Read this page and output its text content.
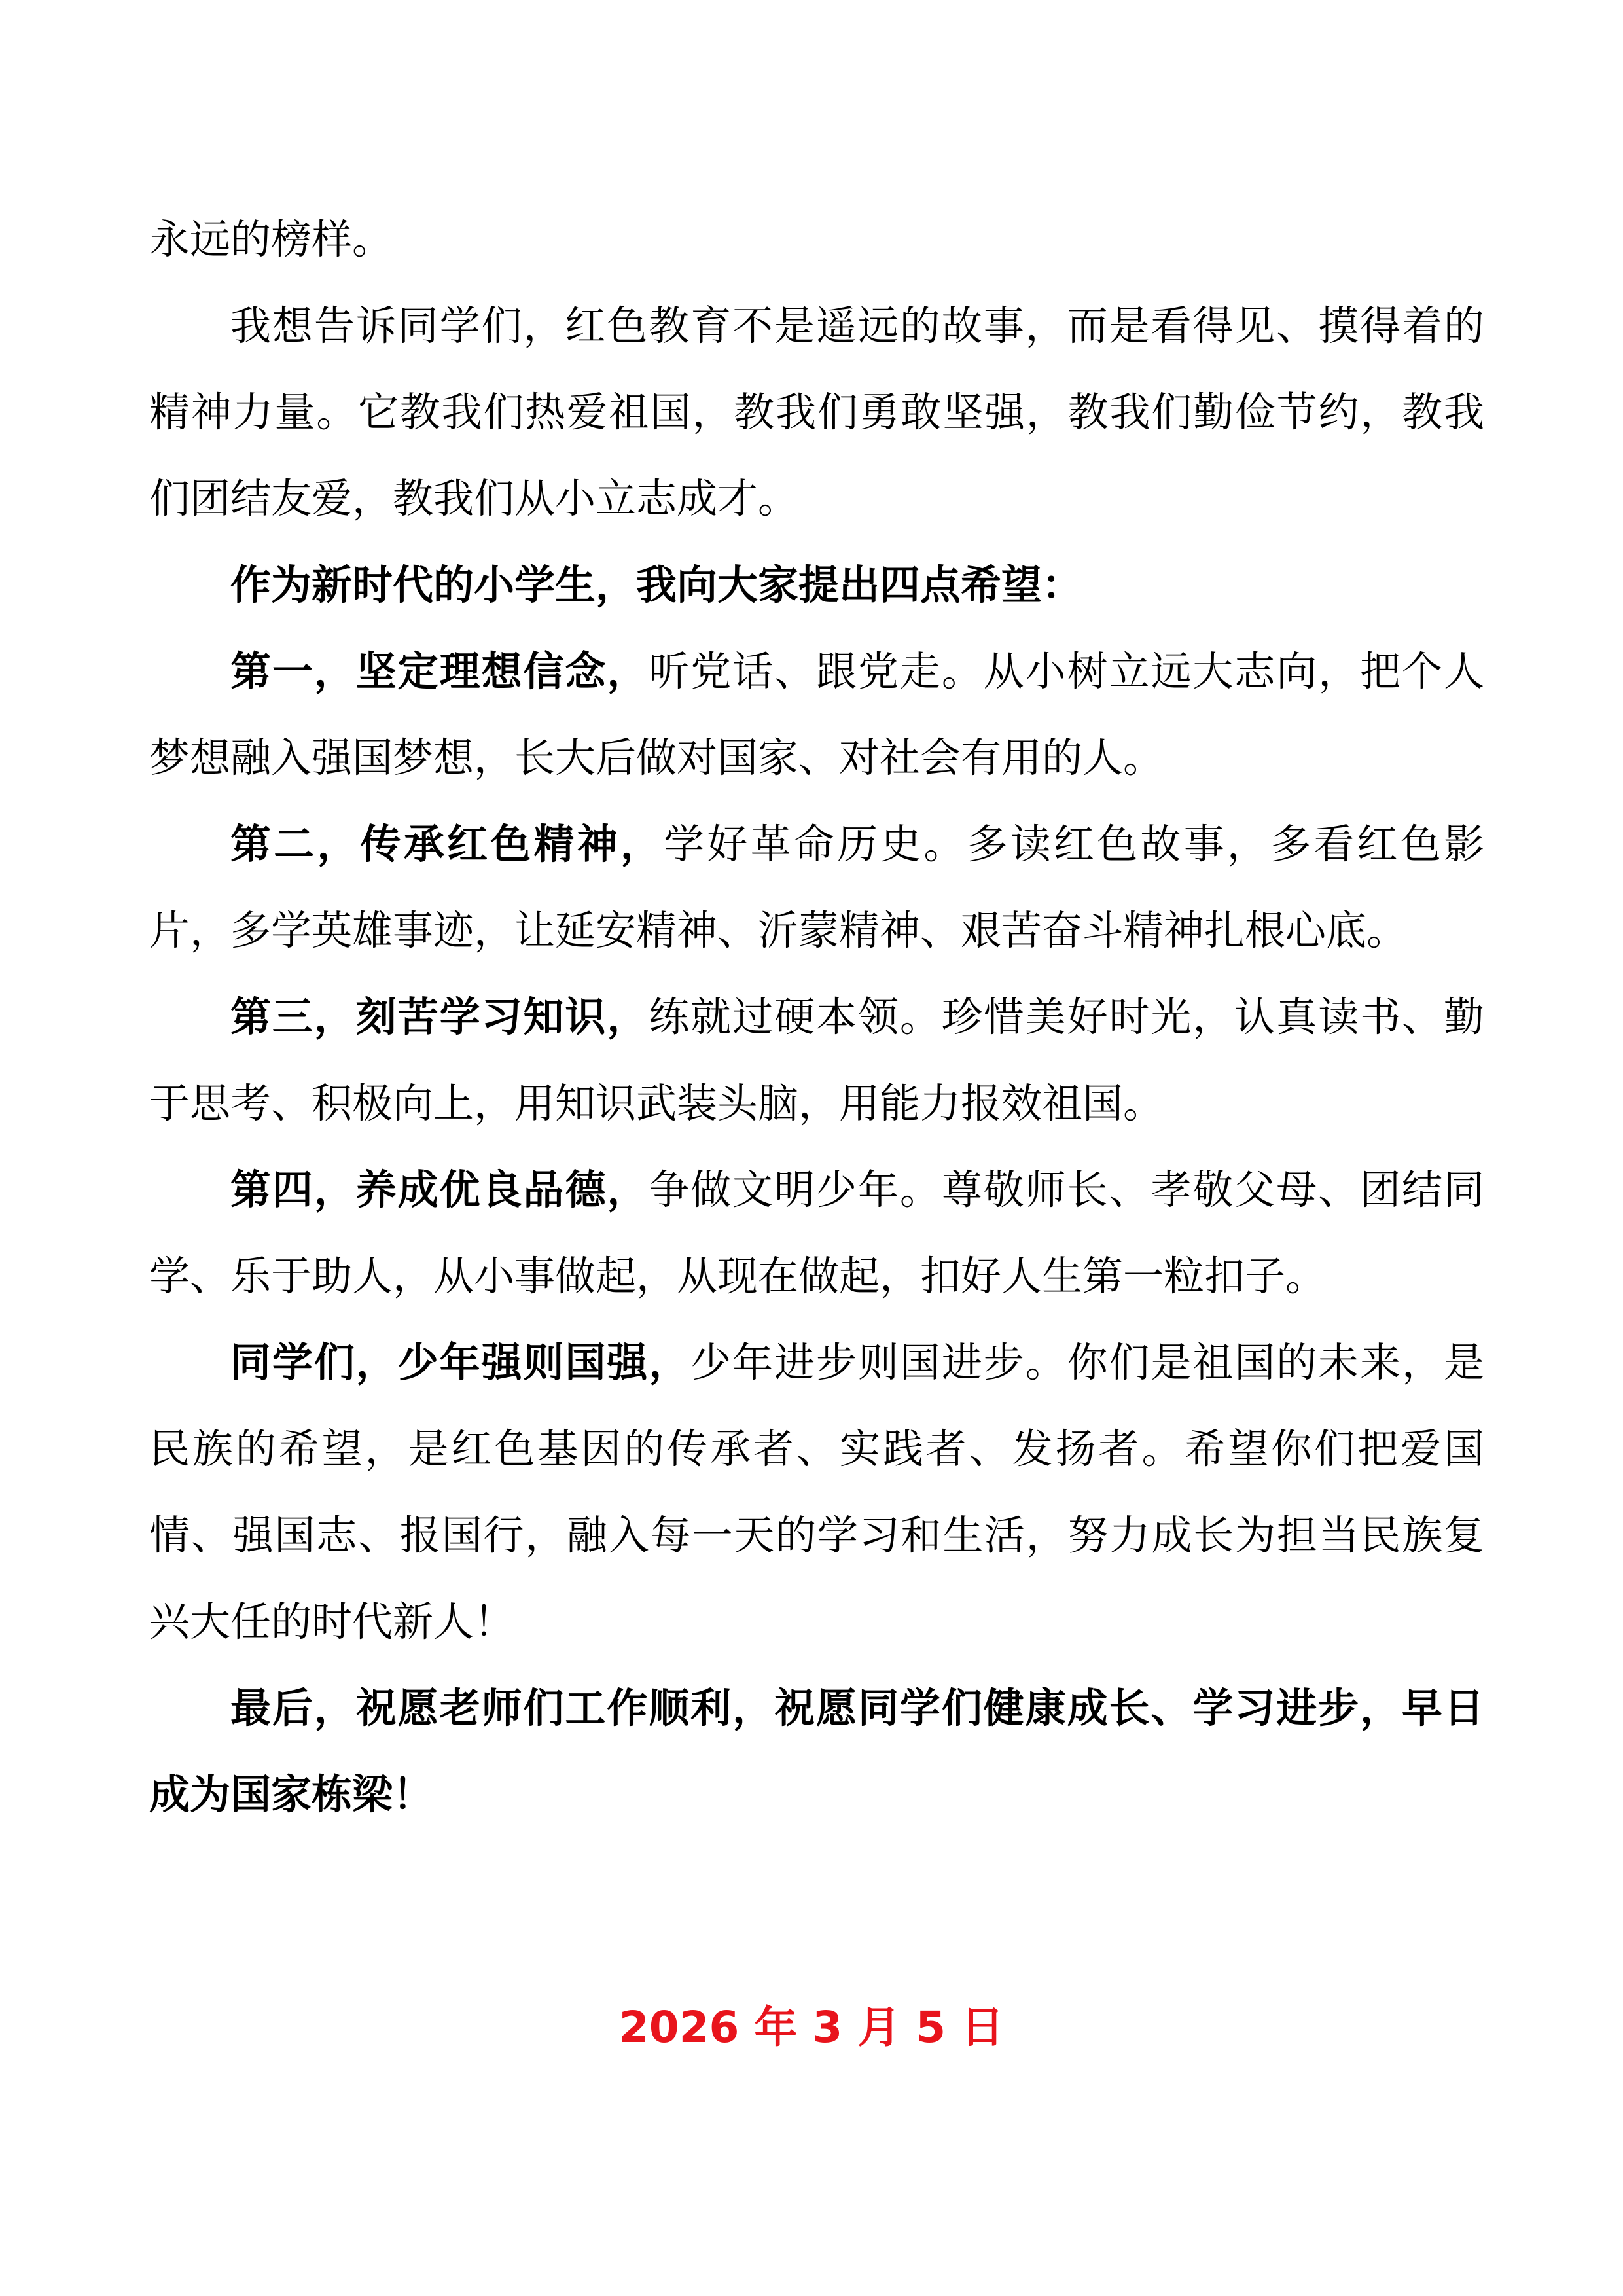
永远的榜样。

我想告诉同学们，红色教育不是遥远的故事，而是看得见、摸得着的精神力量。它教我们热爱祖国，教我们勇敢坚强，教我们勤俭节约，教我们团结友爱，教我们从小立志成才。

作为新时代的小学生，我向大家提出四点希望：

第一，坚定理想信念，听党话、跟党走。从小树立远大志向，把个人梦想融入强国梦想，长大后做对国家、对社会有用的人。

第二，传承红色精神，学好革命历史。多读红色故事，多看红色影片，多学英雄事迹，让延安精神、沂蒙精神、艰苦奋斗精神扎根心底。

第三，刻苦学习知识，练就过硬本领。珍惜美好时光，认真读书、勤于思考、积极向上，用知识武装头脑，用能力报效祖国。

第四，养成优良品德，争做文明少年。尊敬师长、孝敬父母、团结同学、乐于助人，从小事做起，从现在做起，扣好人生第一粒扣子。

同学们，少年强则国强，少年进步则国进步。你们是祖国的未来，是民族的希望，是红色基因的传承者、实践者、发扬者。希望你们把爱国情、强国志、报国行，融入每一天的学习和生活，努力成长为担当民族复兴大任的时代新人！

最后，祝愿老师们工作顺利，祝愿同学们健康成长、学习进步，早日成为国家栋梁！

2026 年 3 月 5 日
